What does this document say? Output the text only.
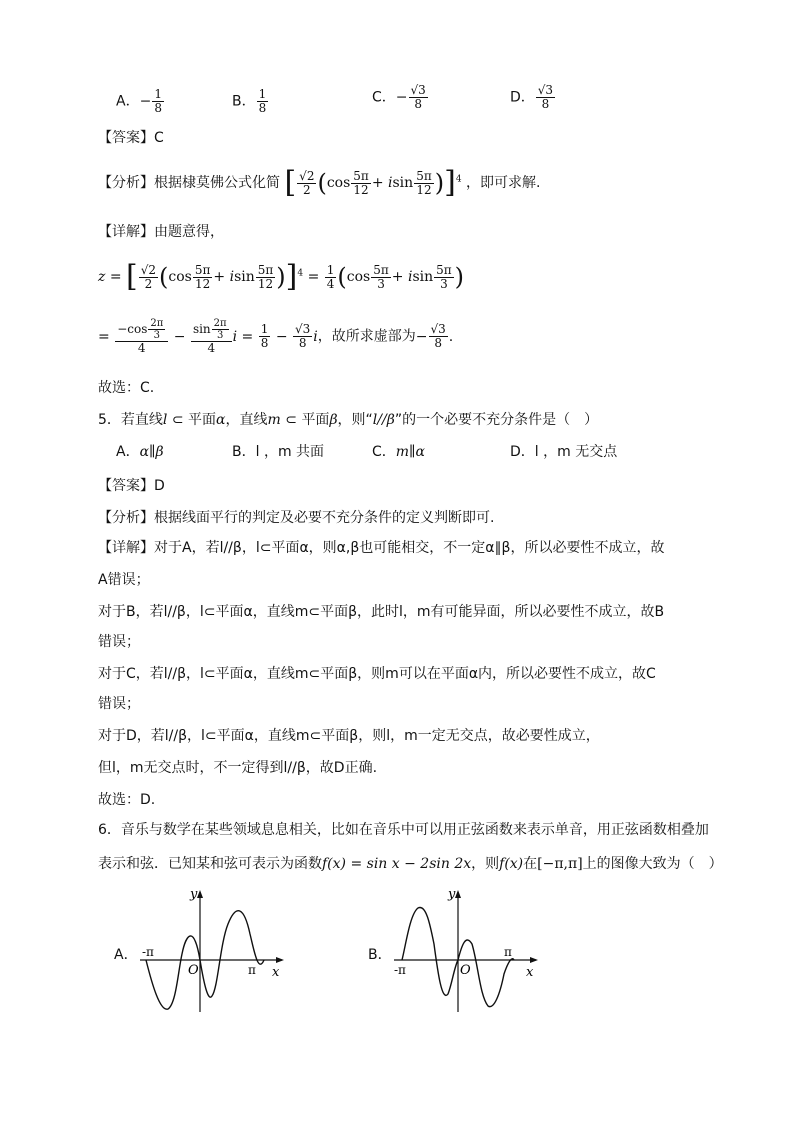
A．− $\frac{1}{8}$	B． $\frac{1}{8}$	C．− $\frac{√3}{8}$	D． $\frac{√3}{8}$
【答案】C
【分析】根据棣莫佛公式化简 [ $\frac{√2}{2} (\cos \frac{5\pi}{12} + isin \frac{5\pi}{12} )]^4$ ，即可求解.
【详解】由题意得，
z = [ $\frac{√2}{2} (\cos \frac{5\pi}{12} + isin \frac{5\pi}{12} )]^4 = \frac{1}{4} (\cos \frac{5\pi}{3} + isin \frac{5\pi}{3}$ )
= $\frac{-\cos \frac{2\pi}{3}}{4} - \frac{\sin \frac{2\pi}{3}}{4}$ $i = \frac{1}{8} - \frac{√3}{8}$ i，故所求虚部为− $\frac{√3}{8}$ .
故选：C.
5．若直线l ⊂ 平面α，直线m ⊂ 平面β，则“l//β”的一个必要不充分条件是（　）
A．α∥β	B．l ，m 共面	C．m∥α	D．l ，m 无交点
【答案】D
【分析】根据线面平行的判定及必要不充分条件的定义判断即可.
【详解】对于A，若l//β，l⊂平面α，则α,β也可能相交，不一定α∥β，所以必要性不成立，故
A错误；
对于B，若l//β，l⊂平面α，直线m⊂平面β，此时l，m有可能异面，所以必要性不成立，故B
错误；
对于C，若l//β，l⊂平面α，直线m⊂平面β，则m可以在平面α内，所以必要性不成立，故C
错误；
对于D，若l//β，l⊂平面α，直线m⊂平面β，则l，m一定无交点，故必要性成立，
但l，m无交点时，不一定得到l//β，故D正确.
故选：D.
6．音乐与数学在某些领域息息相关，比如在音乐中可以用正弦函数来表示单音，用正弦函数相叠加
表示和弦．已知某和弦可表示为函数f(x) = sin x − 2sin 2x，则f(x)在[−π,π]上的图像大致为（　）
A． -π
O	π x
y
B．
-π	O
π
x
y
